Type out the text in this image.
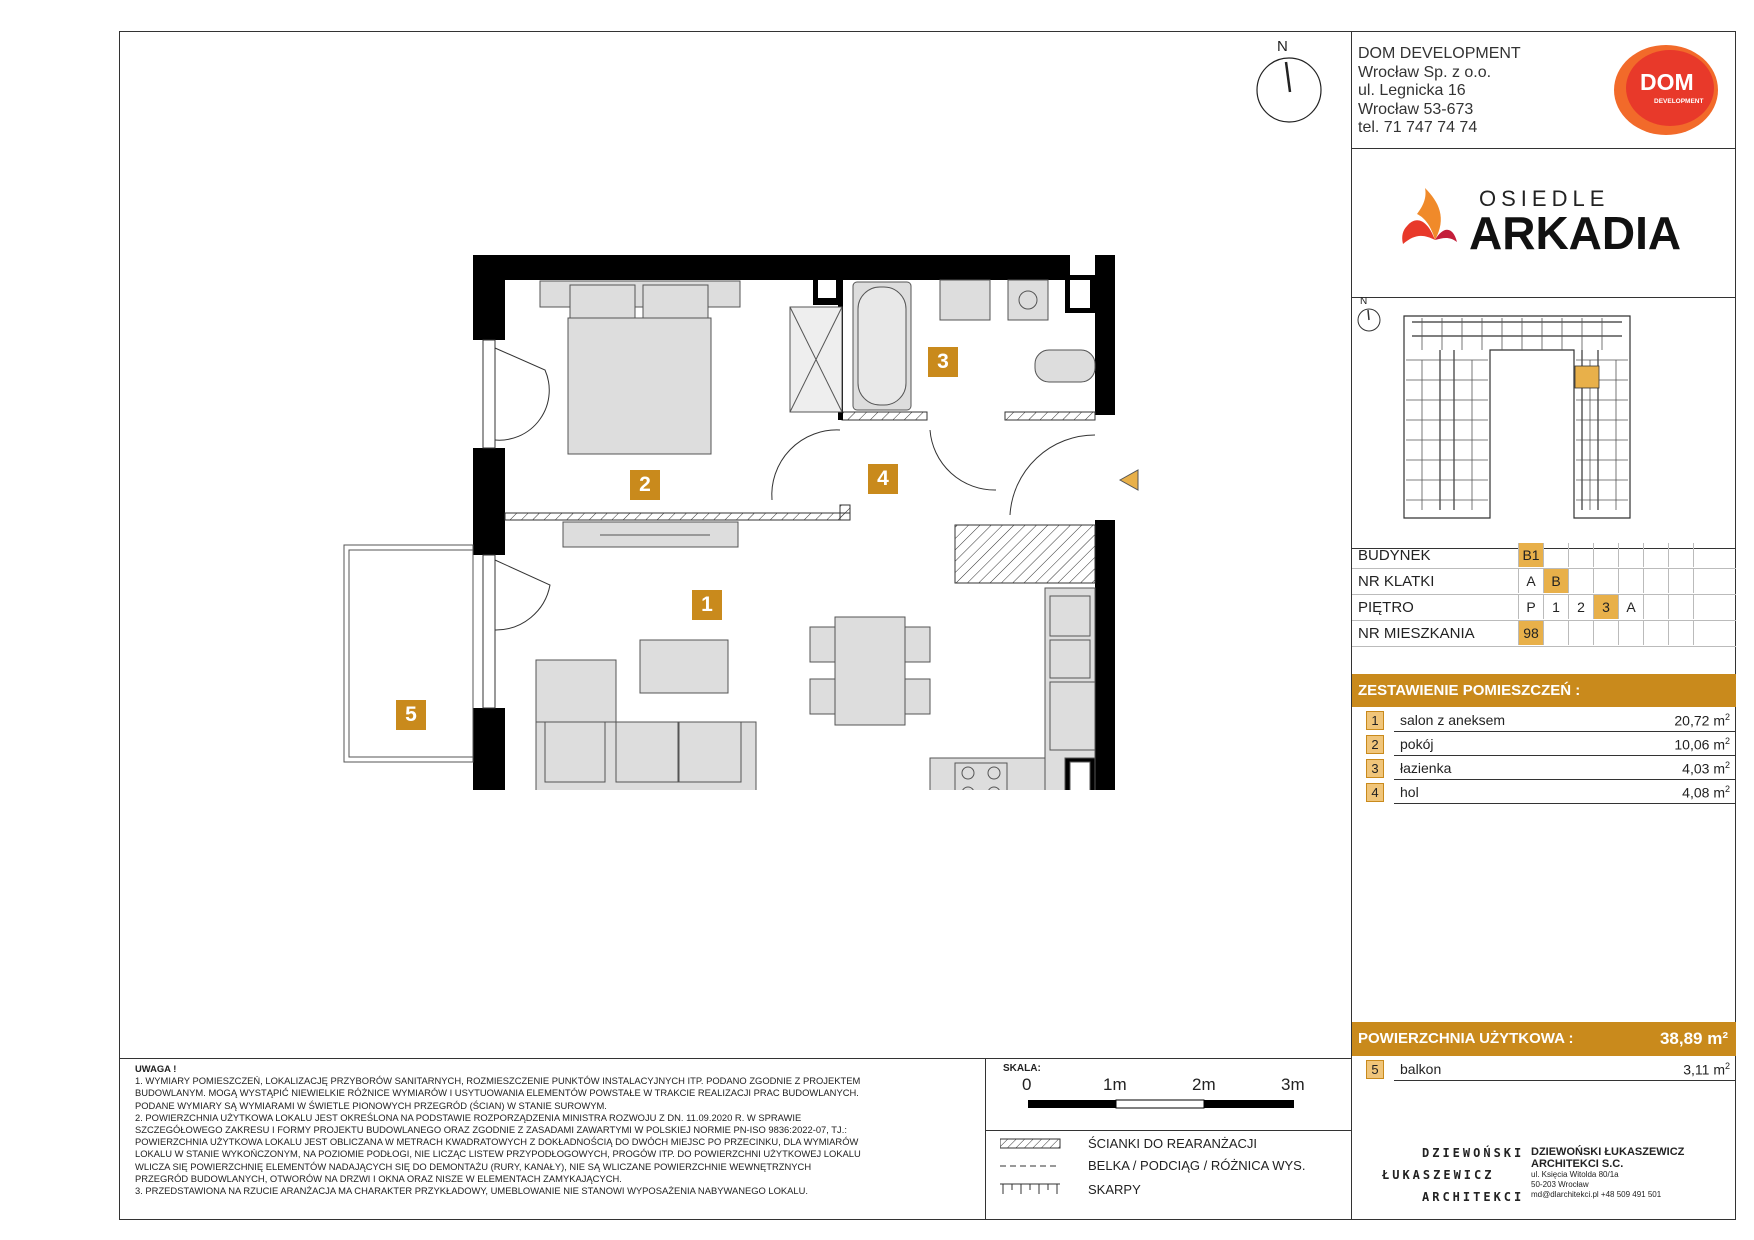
DOM DEVELOPMENT
Wrocław Sp. z o.o.
ul. Legnicka 16
Wrocław 53-673
tel. 71 747 74 74
DOM
DEVELOPMENT
OSIEDLE
ARKADIA
N
BUDYNEK	B1
NR KLATKI	A	B
PIĘTRO	P	1	2	3	A
NR MIESZKANIA	98
ZESTAWIENIE POMIESZCZEŃ :
1	salon z aneksem	20,72 $m^2$
2	pokój	10,06 $m^2$
3	łazienka	4,03 $m^2$
4	hol	4,08 $m^2$
POWIERZCHNIA UŻYTKOWA :	38,89 m²
5	balkon	3,11 $m^2$
N
1
2
3
4
5
UWAGA !
1. WYMIARY POMIESZCZEŃ, LOKALIZACJĘ PRZYBORÓW SANITARNYCH, ROZMIESZCZENIE PUNKTÓW INSTALACYJNYCH ITP. PODANO ZGODNIE Z PROJEKTEM
BUDOWLANYM. MOGĄ WYSTĄPIĆ NIEWIELKIE RÓŻNICE WYMIARÓW I USYTUOWANIA ELEMENTÓW POWSTAŁE W TRAKCIE REALIZACJI PRAC BUDOWLANYCH.
PODANE WYMIARY SĄ WYMIARAMI W ŚWIETLE PIONOWYCH PRZEGRÓD (ŚCIAN) W STANIE SUROWYM.
2. POWIERZCHNIA UŻYTKOWA LOKALU JEST OKREŚLONA NA PODSTAWIE ROZPORZĄDZENIA MINISTRA ROZWOJU Z DN. 11.09.2020 R. W SPRAWIE
SZCZEGÓŁOWEGO ZAKRESU I FORMY PROJEKTU BUDOWLANEGO ORAZ ZGODNIE Z ZASADAMI ZAWARTYMI W POLSKIEJ NORMIE PN-ISO 9836:2022-07, TJ.:
POWIERZCHNIA UŻYTKOWA LOKALU JEST OBLICZANA W METRACH KWADRATOWYCH Z DOKŁADNOŚCIĄ DO DWÓCH MIEJSC PO PRZECINKU, DLA WYMIARÓW
LOKALU W STANIE WYKOŃCZONYM, NA POZIOMIE PODŁOGI, NIE LICZĄC LISTEW PRZYPODŁOGOWYCH, PROGÓW ITP. DO POWIERZCHNI UŻYTKOWEJ LOKALU
WLICZA SIĘ POWIERZCHNIĘ ELEMENTÓW NADAJĄCYCH SIĘ DO DEMONTAŻU (RURY, KANAŁY), NIE SĄ WLICZANE POWIERZCHNIE WEWNĘTRZNYCH
PRZEGRÓD BUDOWLANYCH, OTWORÓW NA DRZWI I OKNA ORAZ NISZE W ELEMENTACH ZAMYKAJĄCYCH.
3. PRZEDSTAWIONA NA RZUCIE ARANŻACJA MA CHARAKTER PRZYKŁADOWY, UMEBLOWANIE NIE STANOWI WYPOSAŻENIA NABYWANEGO LOKALU.
SKALA:
0	1m	2m	3m
ŚCIANKI DO REARANŻACJI
BELKA / PODCIĄG / RÓŻNICA WYS.
SKARPY
DZIEWOŃSKI
ŁUKASZEWICZ
ARCHITEKCI
DZIEWOŃSKI ŁUKASZEWICZ
ARCHITEKCI S.C.
ul. Księcia Witolda 80/1a
50-203 Wrocław
md@dlarchitekci.pl +48 509 491 501
